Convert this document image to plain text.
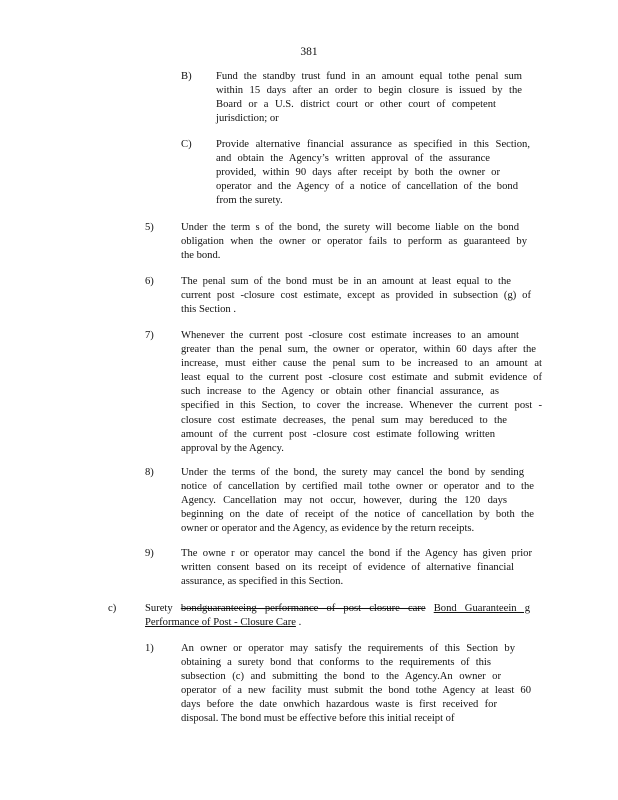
381
B) Fund the standby trust fund in an amount equal tothe penal sum
within 15 days after an order to begin closure is issued by the
Board or a U.S. district court or other court of competent
jurisdiction; or
C) Provide alternative financial assurance as specified in this Section,
and obtain the Agency’s written approval of the assurance
provided, within 90 days after receipt by both the owner or
operator and the Agency of a notice of cancellation of the bond
from the surety.
5)	Under the term s of the bond, the surety will become liable on the bond
obligation when the owner or operator fails to perform as guaranteed by
the bond.
6)	The penal sum of the bond must be in an amount at least equal to the
current post -closure cost estimate, except as provided in subsection (g) of
this Section .
7)	Whenever the current post -closure cost estimate increases to an amount
greater than the penal sum, the owner or operator, within 60 days after the
increase, must either cause the penal sum to be increased to an amount at
least equal to the current post -closure cost estimate and submit evidence of
such increase to the Agency or obtain other financial assurance, as
specified in this Section, to cover the increase. Whenever the current post -
closure cost estimate decreases, the penal sum may bereduced to the
amount of the current post -closure cost estimate following written
approval by the Agency.
8)	Under the terms of the bond, the surety may cancel the bond by sending
notice of cancellation by certified mail tothe owner or operator and to the
Agency. Cancellation may not occur, however, during the 120 days
beginning on the date of receipt of the notice of cancellation by both the
owner or operator and the Agency, as evidence by the return receipts.
9)	The owne r or operator may cancel the bond if the Agency has given prior
written consent based on its receipt of evidence of alternative financial
assurance, as specified in this Section.
c)	Surety bondguaranteeing performance of post closure care Bond Guaranteein g
Performance of Post - Closure Care .
1)	An owner or operator may satisfy the requirements of this Section by
obtaining a surety bond that conforms to the requirements of this
subsection (c) and submitting the bond to the Agency.An owner or
operator of a new facility must submit the bond tothe Agency at least 60
days before the date onwhich hazardous waste is first received for
disposal. The bond must be effective before this initial receipt of
